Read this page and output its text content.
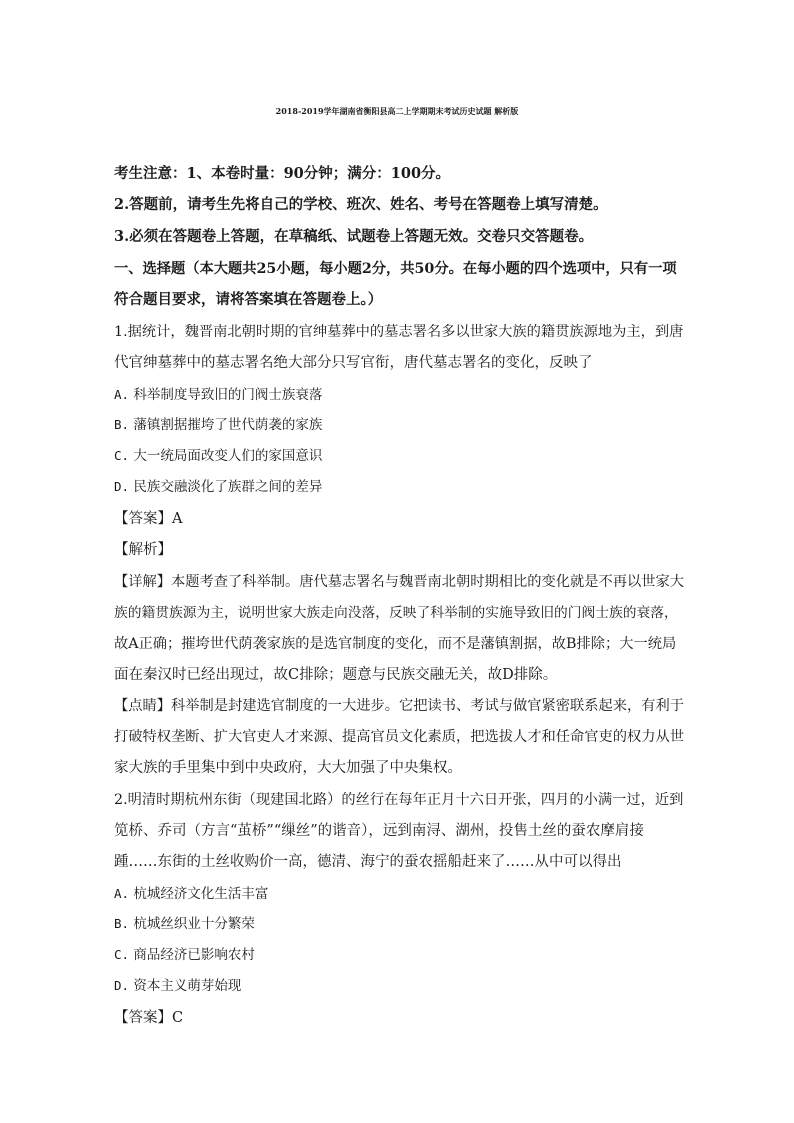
2018-2019学年湖南省衡阳县高二上学期期末考试历史试题 解析版
考生注意：1、本卷时量：90分钟；满分：100分。
2.答题前，请考生先将自己的学校、班次、姓名、考号在答题卷上填写清楚。
3.必须在答题卷上答题，在草稿纸、试题卷上答题无效。交卷只交答题卷。
一、选择题（本大题共25小题，每小题2分，共50分。在每小题的四个选项中，只有一项
符合题目要求，请将答案填在答题卷上。）
1.据统计，魏晋南北朝时期的官绅墓葬中的墓志署名多以世家大族的籍贯族源地为主，到唐
代官绅墓葬中的墓志署名绝大部分只写官衔，唐代墓志署名的变化，反映了
A. 科举制度导致旧的门阀士族衰落
B. 藩镇割据摧垮了世代荫袭的家族
C. 大一统局面改变人们的家国意识
D. 民族交融淡化了族群之间的差异
【答案】A
【解析】
【详解】本题考查了科举制。唐代墓志署名与魏晋南北朝时期相比的变化就是不再以世家大
族的籍贯族源为主，说明世家大族走向没落，反映了科举制的实施导致旧的门阀士族的衰落，
故A正确；摧垮世代荫袭家族的是选官制度的变化，而不是藩镇割据，故B排除；大一统局
面在秦汉时已经出现过，故C排除；题意与民族交融无关，故D排除。
【点睛】科举制是封建选官制度的一大进步。它把读书、考试与做官紧密联系起来，有利于
打破特权垄断、扩大官吏人才来源、提高官员文化素质，把选拔人才和任命官吏的权力从世
家大族的手里集中到中央政府，大大加强了中央集权。
2.明清时期杭州东街（现建国北路）的丝行在每年正月十六日开张，四月的小满一过，近到
笕桥、乔司（方言“茧桥”“缫丝”的谐音），远到南浔、湖州，投售土丝的蚕农摩肩接
踵……东街的土丝收购价一高，德清、海宁的蚕农摇船赶来了……从中可以得出
A. 杭城经济文化生活丰富
B. 杭城丝织业十分繁荣
C. 商品经济已影响农村
D. 资本主义萌芽始现
【答案】C
